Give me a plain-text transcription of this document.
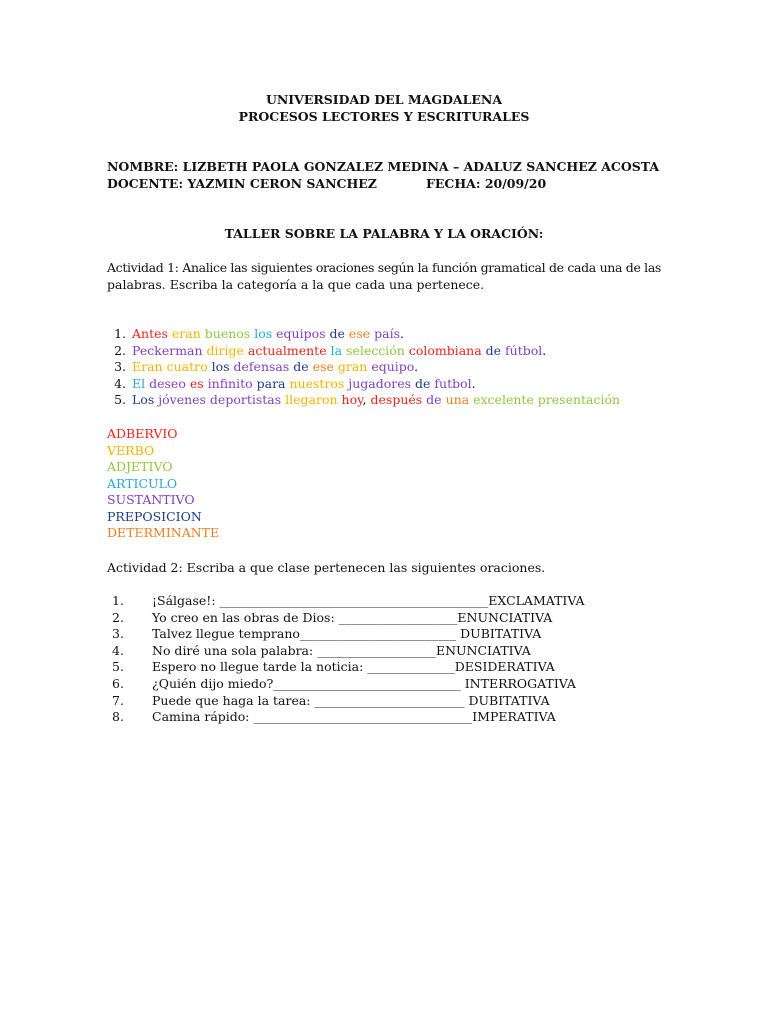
UNIVERSIDAD DEL MAGDALENA
PROCESOS LECTORES Y ESCRITURALES
NOMBRE: LIZBETH PAOLA GONZALEZ MEDINA – ADALUZ SANCHEZ ACOSTA
DOCENTE: YAZMIN CERON SANCHEZ	FECHA: 20/09/20
TALLER SOBRE LA PALABRA Y LA ORACIÓN:
Actividad 1: Analice las siguientes oraciones según la función gramatical de cada una de las
palabras. Escriba la categoría a la que cada una pertenece.
1. Antes eran buenos los equipos de ese país.
2. Peckerman dirige actualmente la selección colombiana de fútbol.
3. Eran cuatro los defensas de ese gran equipo.
4. El deseo es infinito para nuestros jugadores de futbol.
5. Los jóvenes deportistas llegaron hoy, después de una excelente presentación
ADBERVIO
VERBO
ADJETIVO
ARTICULO
SUSTANTIVO
PREPOSICION
DETERMINANTE
Actividad 2: Escriba a que clase pertenecen las siguientes oraciones.
1. ¡Sálgase!: ___________________________________________EXCLAMATIVA
2. Yo creo en las obras de Dios: ___________________ENUNCIATIVA
3. Talvez llegue temprano_________________________ DUBITATIVA
4. No diré una sola palabra: ___________________ENUNCIATIVA
5. Espero no llegue tarde la noticia: ______________DESIDERATIVA
6. ¿Quién dijo miedo?______________________________ INTERROGATIVA
7. Puede que haga la tarea: ________________________ DUBITATIVA
8. Camina rápido: ___________________________________IMPERATIVA
